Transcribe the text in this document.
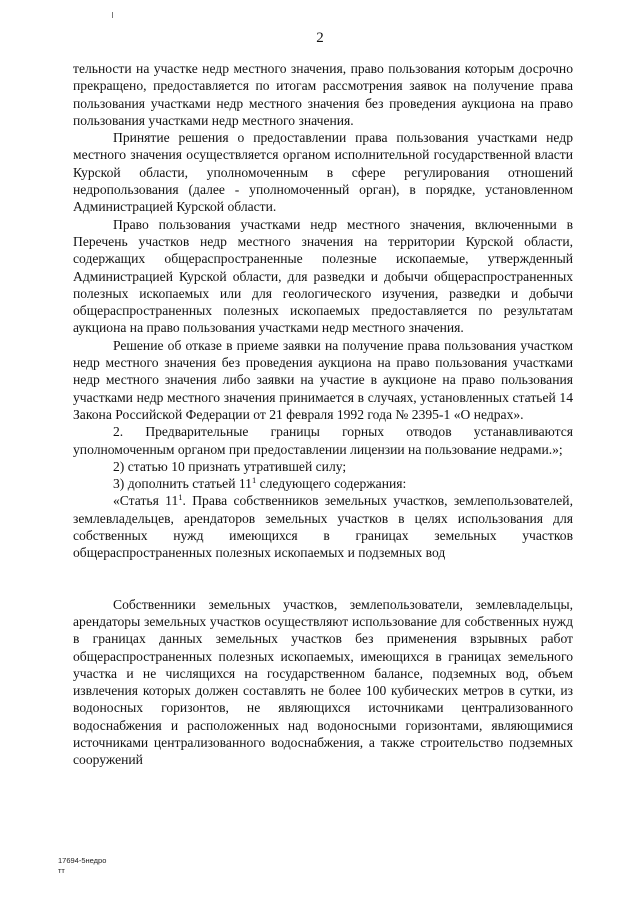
2

тельности на участке недр местного значения, право пользования которым досрочно прекращено, предоставляется по итогам рассмотрения заявок на получение права пользования участками недр местного значения без проведения аукциона на право пользования участками недр местного значения.

Принятие решения о предоставлении права пользования участками недр местного значения осуществляется органом исполнительной государственной власти Курской области, уполномоченным в сфере регулирования отношений недропользования (далее - уполномоченный орган), в порядке, установленном Администрацией Курской области.

Право пользования участками недр местного значения, включенными в Перечень участков недр местного значения на территории Курской области, содержащих общераспространенные полезные ископаемые, утвержденный Администрацией Курской области, для разведки и добычи общераспространенных полезных ископаемых или для геологического изучения, разведки и добычи общераспространенных полезных ископаемых предоставляется по результатам аукциона на право пользования участками недр местного значения.

Решение об отказе в приеме заявки на получение права пользования участком недр местного значения без проведения аукциона на право пользования участками недр местного значения либо заявки на участие в аукционе на право пользования участками недр местного значения принимается в случаях, установленных статьей 14 Закона Российской Федерации от 21 февраля 1992 года № 2395-1 «О недрах».

2. Предварительные границы горных отводов устанавливаются уполномоченным органом при предоставлении лицензии на пользование недрами.»;

2) статью 10 признать утратившей силу;

3) дополнить статьей $11^1$ следующего содержания:

«Статья $11^1$. Права собственников земельных участков, землепользователей, землевладельцев, арендаторов земельных участков в целях использования для собственных нужд имеющихся в границах земельных участков общераспространенных полезных ископаемых и подземных вод

Собственники земельных участков, землепользователи, землевладельцы, арендаторы земельных участков осуществляют использование для собственных нужд в границах данных земельных участков без применения взрывных работ общераспространенных полезных ископаемых, имеющихся в границах земельного участка и не числящихся на государственном балансе, подземных вод, объем извлечения которых должен составлять не более 100 кубических метров в сутки, из водоносных горизонтов, не являющихся источниками централизованного водоснабжения и расположенных над водоносными горизонтами, являющимися источниками централизованного водоснабжения, а также строительство подземных сооружений

17694-5недро
тт
